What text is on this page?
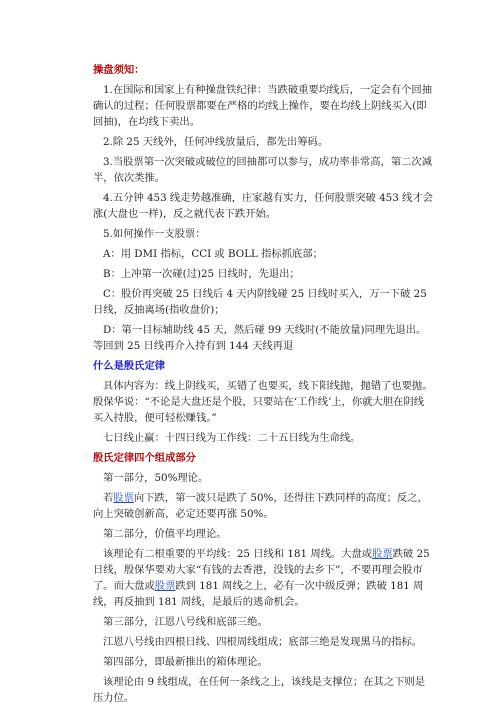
操盘须知：

1.在国际和国家上有种操盘铁纪律：当跌破重要均线后，一定会有个回抽确认的过程；任何股票都要在严格的均线上操作，要在均线上阴线买入(即回抽)，在均线下卖出。

2.除 25 天线外，任何冲线放量后，都先出筹码。

3.当股票第一次突破或破位的回抽都可以参与，成功率非常高，第二次减半，依次类推。

4.五分钟 453 线走势越准确，庄家越有实力，任何股票突破 453 线才会涨(大盘也一样)，反之就代表下跌开始。

5.如何操作一支股票：

A：用 DMI 指标，CCI 或 BOLL 指标抓底部；

B：上冲第一次碰(过)25 日线时，先退出；

C：股价再突破 25 日线后 4 天内阴线碰 25 日线时买入，万一下破 25 日线，反抽离场(指收盘价)；

D：第一目标辅助线 45 天，然后碰 99 天线时(不能放量)同理先退出。等回到 25 日线再介入持有到 144 天线再退

什么是殷氏定律

具体内容为：线上阴线买，买错了也要买，线下阳线抛，抛错了也要抛。殷保华说：“不论是大盘还是个股，只要站在‘工作线’上，你就大胆在阴线买入持股，便可轻松赚钱。”

七日线止赢：十四日线为工作线：二十五日线为生命线。

殷氏定律四个组成部分

第一部分，50%理论。

若股票向下跌，第一波只是跌了 50%，还得往下跌同样的高度；反之，向上突破创新高，必定还要再涨 50%。

第二部分，价值平均理论。

该理论有二根重要的平均线：25 日线和 181 周线。大盘或股票跌破 25 日线，殷保华要劝大家“有钱的去香港，没钱的去乡下”，不要再理会股市了。而大盘或股票跌到 181 周线之上，必有一次中级反弹；跌破 181 周线，再反抽到 181 周线，是最后的逃命机会。

第三部分，江恩八号线和底部三绝。

江恩八号线由四根日线、四根周线组成；底部三绝是发现黑马的指标。

第四部分，即最新推出的箱体理论。

该理论由 9 线组成，在任何一条线之上，该线是支撑位；在其之下则是压力位。
